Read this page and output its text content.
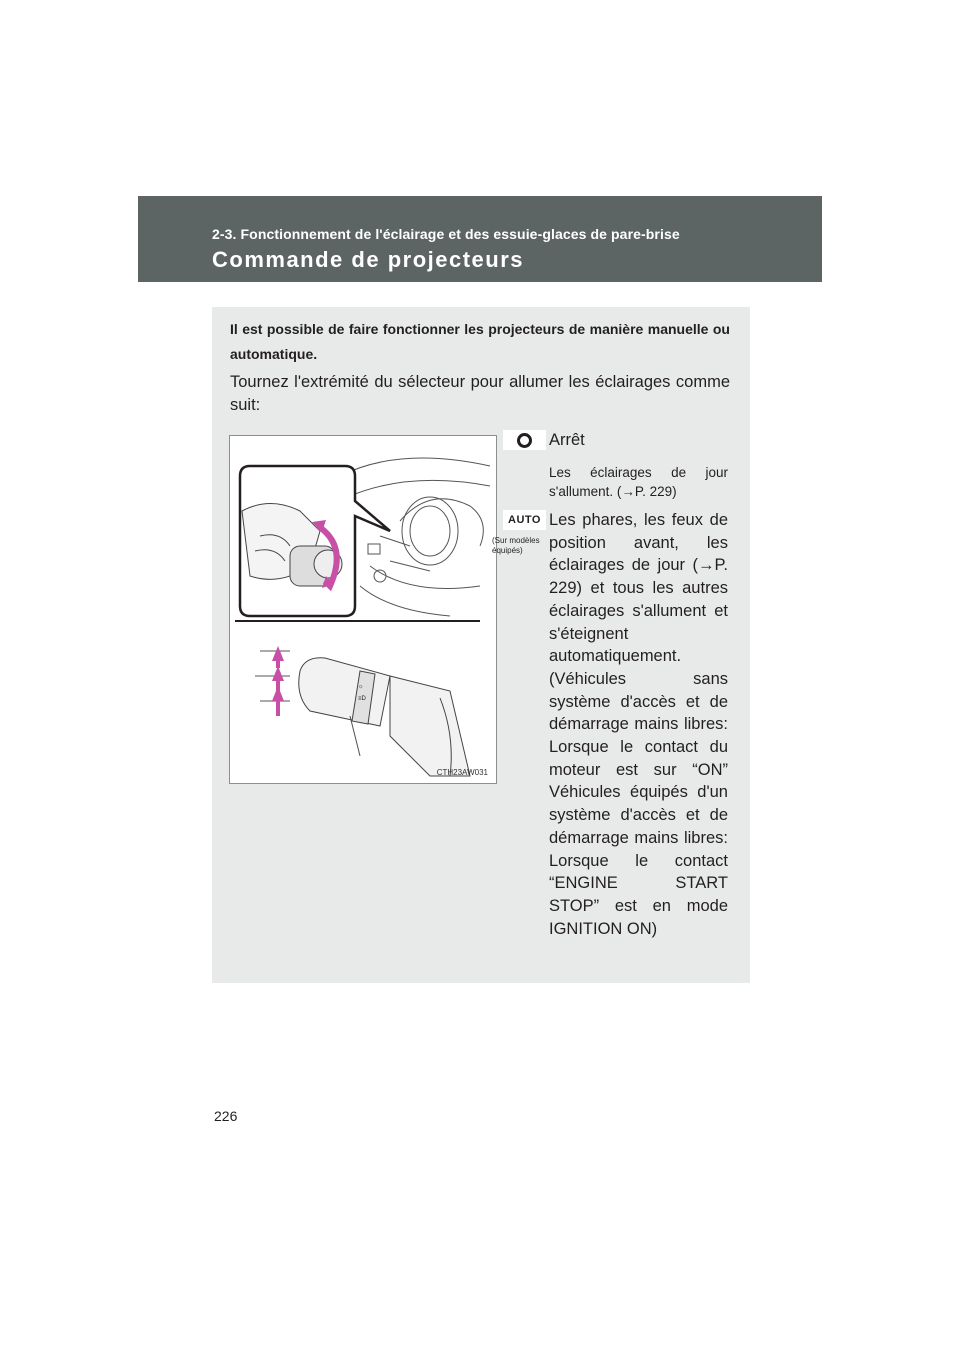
2-3. Fonctionnement de l'éclairage et des essuie-glaces de pare-brise
Commande de projecteurs
Il est possible de faire fonctionner les projecteurs de manière manuelle ou automatique.
Tournez l'extrémité du sélecteur pour allumer les éclairages comme suit:
☼
≡D
CTH23AW031
Arrêt
Les éclairages de jour s'allument. (→P. 229)
AUTO
(Sur modèles équipés)
Les phares, les feux de position avant, les éclairages de jour (→P. 229) et tous les autres éclairages s'allument et s'éteignent automatiquement. (Véhicules sans système d'accès et de démarrage mains libres: Lorsque le contact du moteur est sur “ON” Véhicules équipés d'un système d'accès et de démarrage mains libres: Lorsque le contact “ENGINE START STOP” est en mode IGNITION ON)
226
